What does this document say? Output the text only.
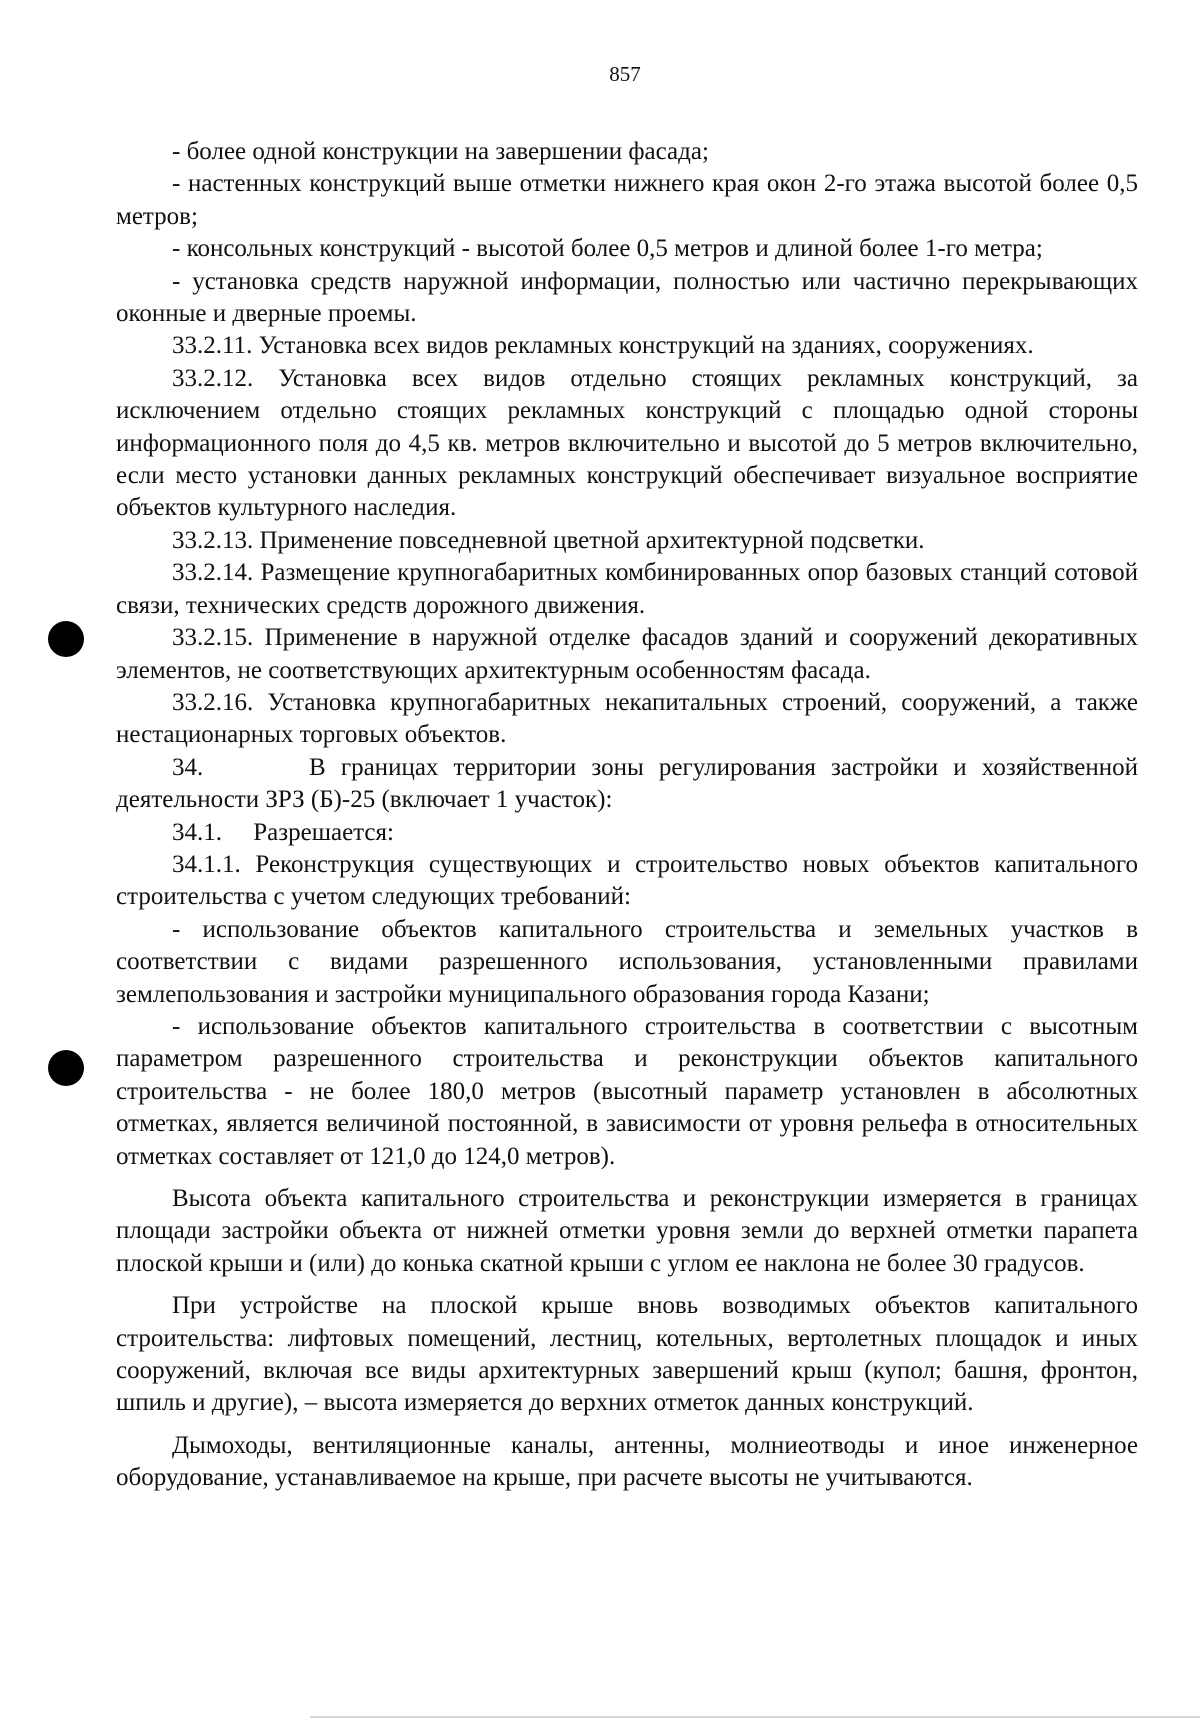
857

- более одной конструкции на завершении фасада;

- настенных конструкций выше отметки нижнего края окон 2-го этажа высотой более 0,5 метров;

- консольных конструкций - высотой более 0,5 метров и длиной более 1-го метра;

- установка средств наружной информации, полностью или частично перекрывающих оконные и дверные проемы.

33.2.11. Установка всех видов рекламных конструкций на зданиях, сооружениях.

33.2.12. Установка всех видов отдельно стоящих рекламных конструкций, за исключением отдельно стоящих рекламных конструкций с площадью одной стороны информационного поля до 4,5 кв. метров включительно и высотой до 5 метров включительно, если место установки данных рекламных конструкций обеспечивает визуальное восприятие объектов культурного наследия.

33.2.13. Применение повседневной цветной архитектурной подсветки.

33.2.14. Размещение крупногабаритных комбинированных опор базовых станций сотовой связи, технических средств дорожного движения.

33.2.15. Применение в наружной отделке фасадов зданий и сооружений декоративных элементов, не соответствующих архитектурным особенностям фасада.

33.2.16. Установка крупногабаритных некапитальных строений, сооружений, а также нестационарных торговых объектов.

34.       В границах территории зоны регулирования застройки и хозяйственной деятельности ЗРЗ (Б)-25 (включает 1 участок):

34.1.     Разрешается:

34.1.1. Реконструкция существующих и строительство новых объектов капитального строительства с учетом следующих требований:

- использование объектов капитального строительства и земельных участков в соответствии с видами разрешенного использования, установленными правилами землепользования и застройки муниципального образования города Казани;

- использование объектов капитального строительства в соответствии с высотным параметром разрешенного строительства и реконструкции объектов капитального строительства - не более 180,0 метров (высотный параметр установлен в абсолютных отметках, является величиной постоянной, в зависимости от уровня рельефа в относительных отметках составляет от 121,0 до 124,0 метров).

Высота объекта капитального строительства и реконструкции измеряется в границах площади застройки объекта от нижней отметки уровня земли до верхней отметки парапета плоской крыши и (или) до конька скатной крыши с углом ее наклона не более 30 градусов.

При устройстве на плоской крыше вновь возводимых объектов капитального строительства: лифтовых помещений, лестниц, котельных, вертолетных площадок и иных сооружений, включая все виды архитектурных завершений крыш (купол; башня, фронтон, шпиль и другие), – высота измеряется до верхних отметок данных конструкций.

Дымоходы, вентиляционные каналы, антенны, молниеотводы и иное инженерное оборудование, устанавливаемое на крыше, при расчете высоты не учитываются.
